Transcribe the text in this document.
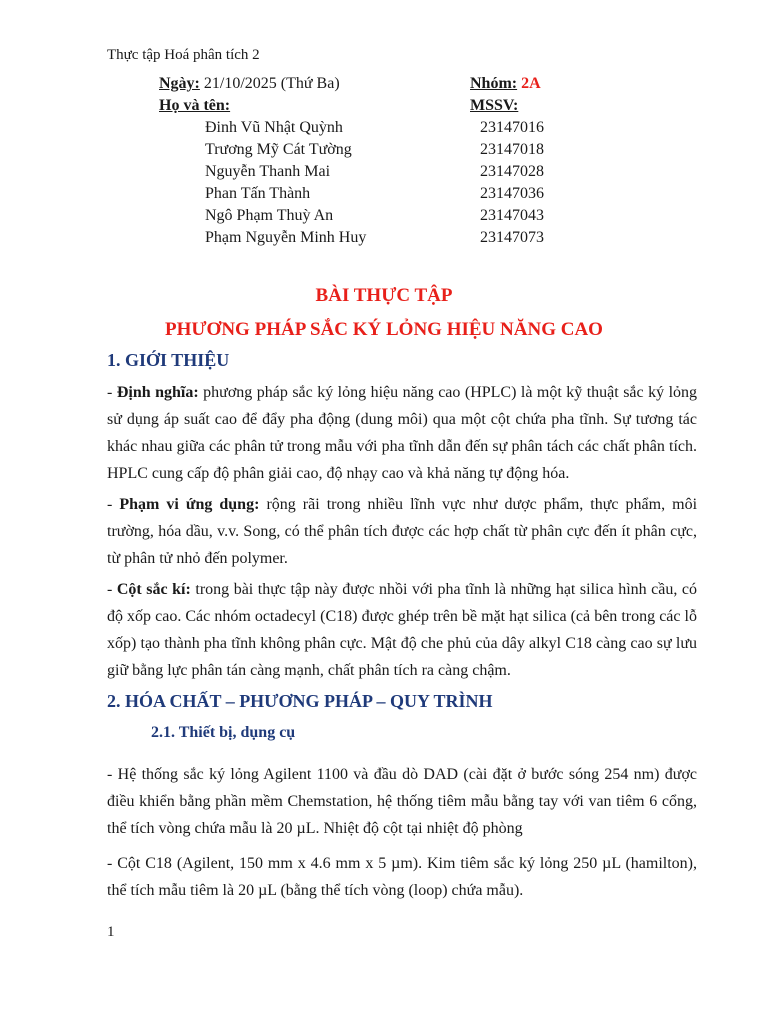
Thực tập Hoá phân tích 2
Ngày: 21/10/2025 (Thứ Ba)	Nhóm: 2A
Họ và tên:	MSSV:
Đinh Vũ Nhật Quỳnh	23147016
Trương Mỹ Cát Tường	23147018
Nguyễn Thanh Mai	23147028
Phan Tấn Thành	23147036
Ngô Phạm Thuỳ An	23147043
Phạm Nguyễn Minh Huy	23147073
BÀI THỰC TẬP
PHƯƠNG PHÁP SẮC KÝ LỎNG HIỆU NĂNG CAO
1. GIỚI THIỆU
- Định nghĩa: phương pháp sắc ký lỏng hiệu năng cao (HPLC) là một kỹ thuật sắc ký lỏng sử dụng áp suất cao để đẩy pha động (dung môi) qua một cột chứa pha tĩnh. Sự tương tác khác nhau giữa các phân tử trong mẫu với pha tĩnh dẫn đến sự phân tách các chất phân tích. HPLC cung cấp độ phân giải cao, độ nhạy cao và khả năng tự động hóa.
- Phạm vi ứng dụng: rộng rãi trong nhiều lĩnh vực như dược phẩm, thực phẩm, môi trường, hóa dầu, v.v. Song, có thể phân tích được các hợp chất từ phân cực đến ít phân cực, từ phân tử nhỏ đến polymer.
- Cột sắc kí: trong bài thực tập này được nhồi với pha tĩnh là những hạt silica hình cầu, có độ xốp cao. Các nhóm octadecyl (C18) được ghép trên bề mặt hạt silica (cả bên trong các lỗ xốp) tạo thành pha tĩnh không phân cực. Mật độ che phủ của dây alkyl C18 càng cao sự lưu giữ bằng lực phân tán càng mạnh, chất phân tích ra càng chậm.
2. HÓA CHẤT – PHƯƠNG PHÁP – QUY TRÌNH
2.1. Thiết bị, dụng cụ
- Hệ thống sắc ký lỏng Agilent 1100 và đầu dò DAD (cài đặt ở bước sóng 254 nm) được điều khiển bằng phần mềm Chemstation, hệ thống tiêm mẫu bằng tay với van tiêm 6 cổng, thể tích vòng chứa mẫu là 20 µL. Nhiệt độ cột tại nhiệt độ phòng
- Cột C18 (Agilent, 150 mm x 4.6 mm x 5 µm). Kim tiêm sắc ký lỏng 250 µL (hamilton), thể tích mẫu tiêm là 20 µL (bằng thể tích vòng (loop) chứa mẫu).
1
